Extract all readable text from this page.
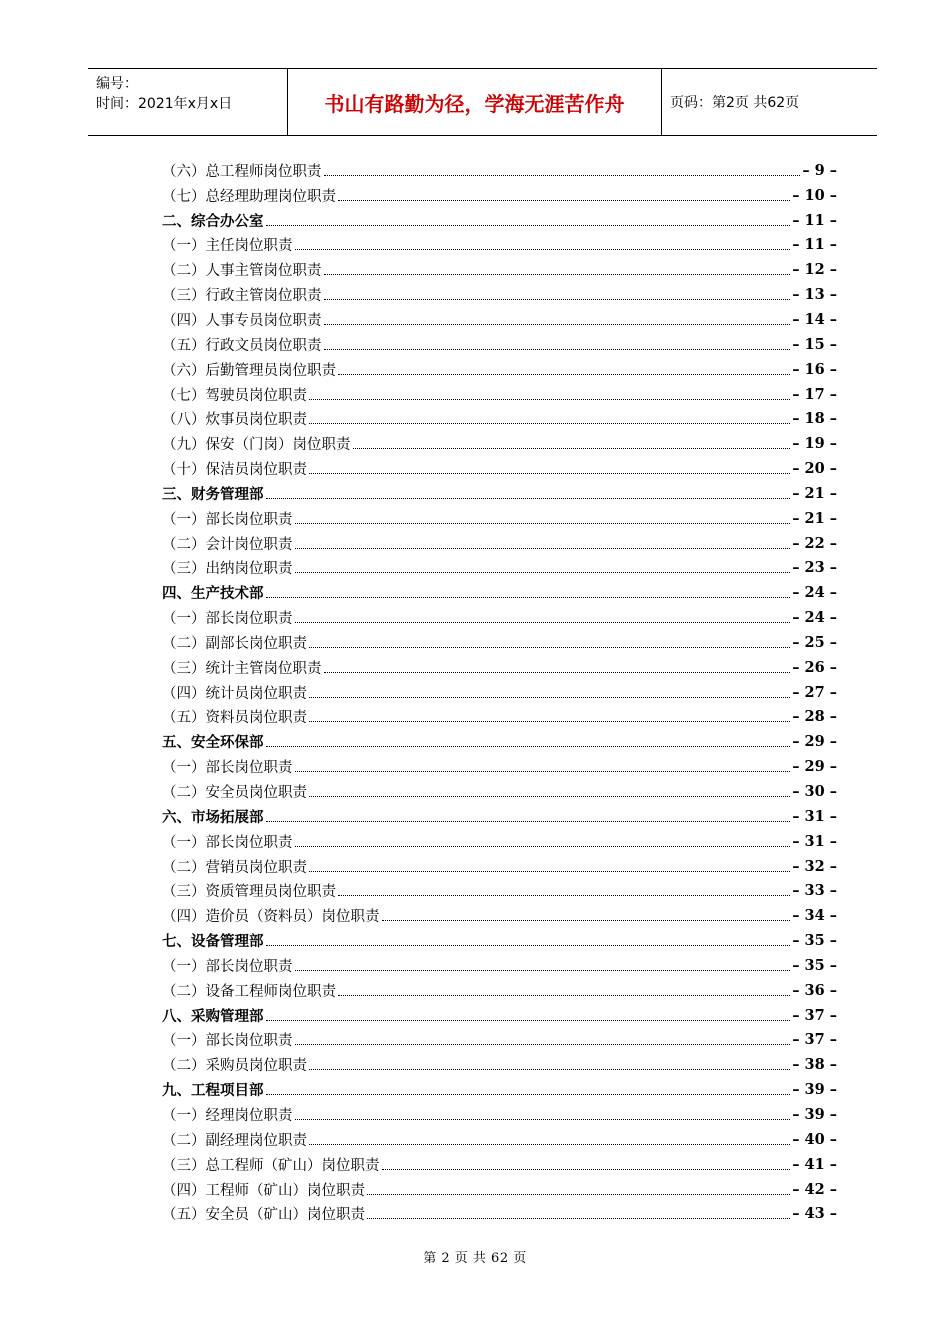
编号：
时间：2021年x月x日	书山有路勤为径，学海无涯苦作舟	页码：第2页 共62页
（六）总工程师岗位职责	– 9 –
（七）总经理助理岗位职责	– 10 –
二、综合办公室	– 11 –
（一）主任岗位职责	– 11 –
（二）人事主管岗位职责	– 12 –
（三）行政主管岗位职责	– 13 –
（四）人事专员岗位职责	– 14 –
（五）行政文员岗位职责	– 15 –
（六）后勤管理员岗位职责	– 16 –
（七）驾驶员岗位职责	– 17 –
（八）炊事员岗位职责	– 18 –
（九）保安（门岗）岗位职责	– 19 –
（十）保洁员岗位职责	– 20 –
三、财务管理部	– 21 –
（一）部长岗位职责	– 21 –
（二）会计岗位职责	– 22 –
（三）出纳岗位职责	– 23 –
四、生产技术部	– 24 –
（一）部长岗位职责	– 24 –
（二）副部长岗位职责	– 25 –
（三）统计主管岗位职责	– 26 –
（四）统计员岗位职责	– 27 –
（五）资料员岗位职责	– 28 –
五、安全环保部	– 29 –
（一）部长岗位职责	– 29 –
（二）安全员岗位职责	– 30 –
六、市场拓展部	– 31 –
（一）部长岗位职责	– 31 –
（二）营销员岗位职责	– 32 –
（三）资质管理员岗位职责	– 33 –
（四）造价员（资料员）岗位职责	– 34 –
七、设备管理部	– 35 –
（一）部长岗位职责	– 35 –
（二）设备工程师岗位职责	– 36 –
八、采购管理部	– 37 –
（一）部长岗位职责	– 37 –
（二）采购员岗位职责	– 38 –
九、工程项目部	– 39 –
（一）经理岗位职责	– 39 –
（二）副经理岗位职责	– 40 –
（三）总工程师（矿山）岗位职责	– 41 –
（四）工程师（矿山）岗位职责	– 42 –
（五）安全员（矿山）岗位职责	– 43 –
第 2 页 共 62 页
